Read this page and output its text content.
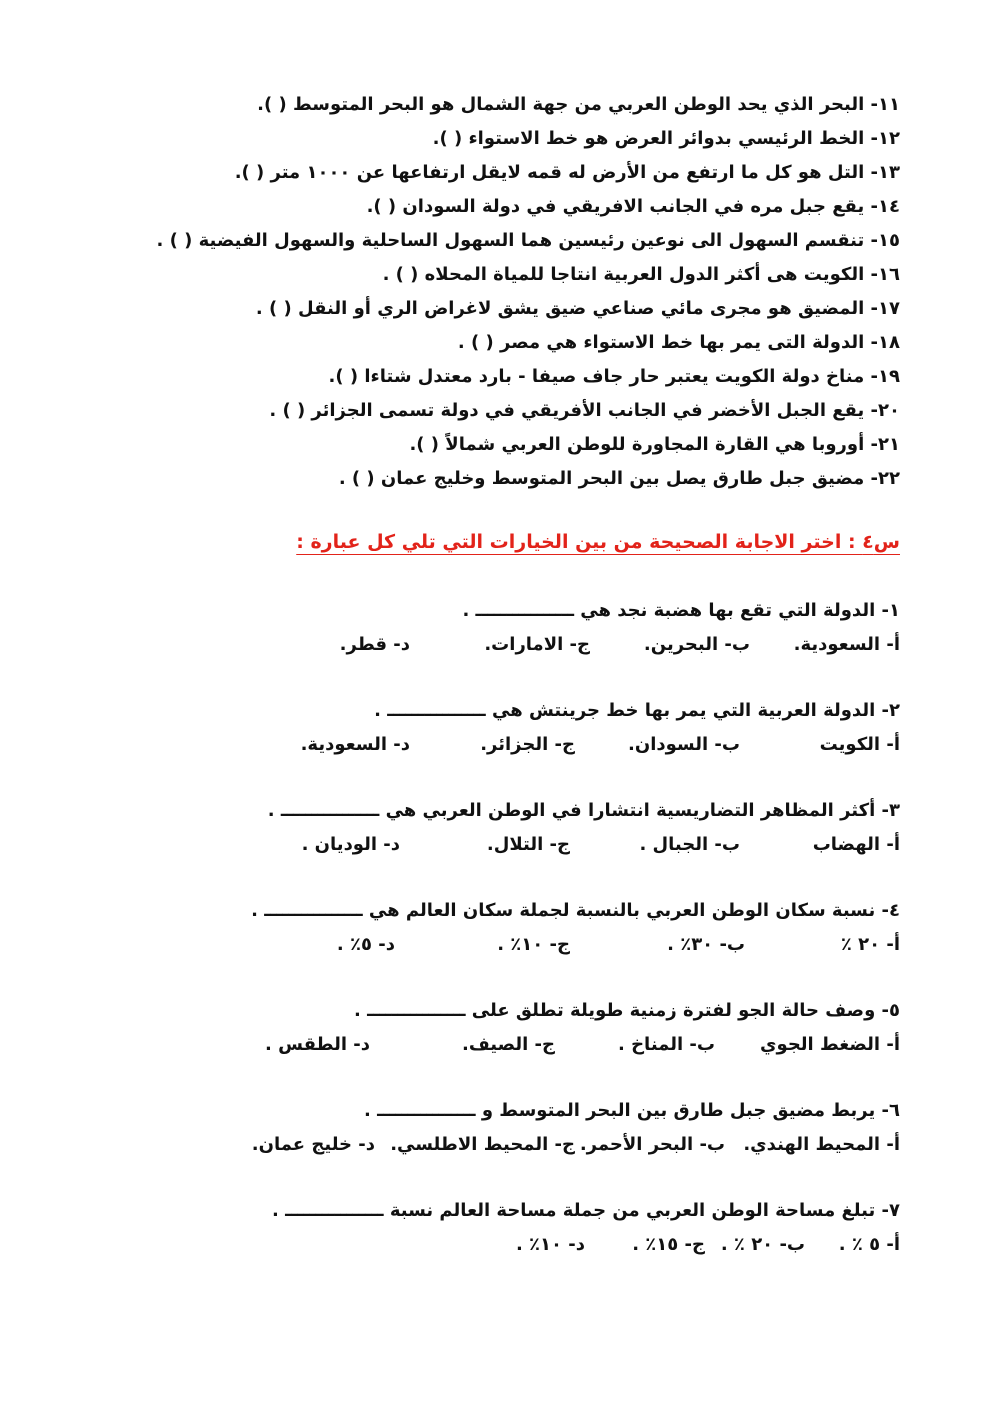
١١- البحر الذي يحد الوطن العربي من جهة الشمال هو البحر المتوسط ( ).
١٢- الخط الرئيسي بدوائر العرض هو خط الاستواء ( ).
١٣- التل هو كل ما ارتفع من الأرض له قمه لايقل ارتفاعها عن ١٠٠٠ متر ( ).
١٤- يقع جبل مره في الجانب الافريقي في دولة السودان ( ).
١٥- تنقسم السهول الى نوعين رئيسين هما السهول الساحلية والسهول الفيضية ( ) .
١٦- الكويت هى أكثر الدول العربية انتاجا للمياة المحلاه ( ) .
١٧- المضيق هو مجرى مائي صناعي ضيق يشق لاغراض الري أو النقل ( ) .
١٨- الدولة التى يمر بها خط الاستواء هي مصر ( ) .
١٩- مناخ دولة الكويت يعتبر حار جاف صيفا - بارد معتدل شتاءا ( ).
٢٠- يقع الجبل الأخضر في الجانب الأفريقي في دولة تسمى الجزائر ( ) .
٢١- أوروبا هي القارة المجاورة للوطن العربي شمالاً ( ).
٢٢- مضيق جبل طارق يصل بين البحر المتوسط وخليج عمان ( ) .
س٤ : اختر الاجابة الصحيحة من بين الخيارات التي تلي كل عبارة :
١- الدولة التي تقع بها هضبة نجد هي ــــــــــــــــ .
أ- السعودية.
ب- البحرين.
ج- الامارات.
د- قطر.
٢- الدولة العربية التي يمر بها خط جرينتش هي ــــــــــــــــ .
أ- الكويت
ب- السودان.
ج- الجزائر.
د- السعودية.
٣- أكثر المظاهر التضاريسية انتشارا في الوطن العربي هي ــــــــــــــــ .
أ- الهضاب
ب- الجبال .
ج- التلال.
د- الوديان .
٤- نسبة سكان الوطن العربي بالنسبة لجملة سكان العالم هي ــــــــــــــــ .
أ- ٢٠ ٪
ب- ٣٠٪ .
ج- ١٠٪ .
د- ٥٪ .
٥- وصف حالة الجو لفترة زمنية طويلة تطلق على ــــــــــــــــ .
أ- الضغط الجوي
ب- المناخ .
ج- الصيف.
د- الطقس .
٦- يربط مضيق جبل طارق بين البحر المتوسط و ــــــــــــــــ .
أ- المحيط الهندي.
ب- البحر الأحمر.
ج- المحيط الاطلسي.
د- خليج عمان.
٧- تبلغ مساحة الوطن العربي من جملة مساحة العالم نسبة ــــــــــــــــ .
أ- ٥ ٪ .
ب- ٢٠ ٪ .
ج- ١٥٪ .
د- ١٠٪ .
